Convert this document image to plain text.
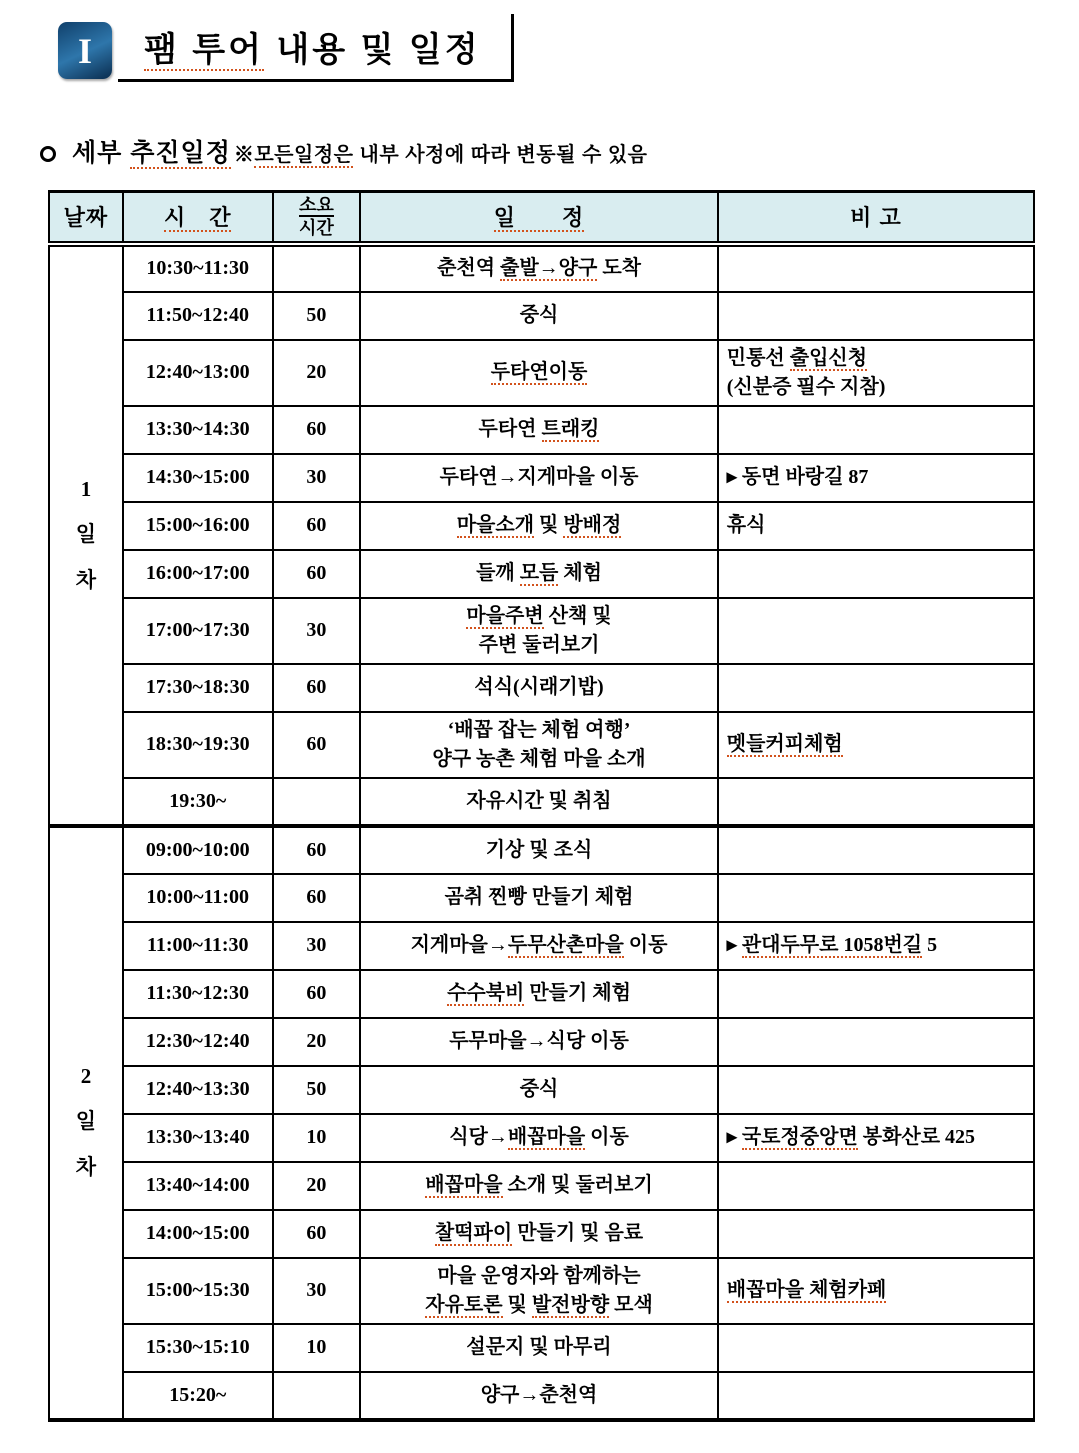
I 팸 투어 내용 및 일정
세부 추진일정 ※모든일정은 내부 사정에 따라 변동될 수 있음
날짜	시　간	소요
시간	일　　정	비 고

1
일
차	10:30~11:30		춘천역 출발→양구 도착	

	11:50~12:40	50	중식	

	12:40~13:00	20	두타연이동	민통선 출입신청
(신분증 필수 지참)

	13:30~14:30	60	두타연 트래킹	

	14:30~15:00	30	두타연→지게마을 이동	▸ 동면 바랑길 87

	15:00~16:00	60	마을소개 및 방배정	휴식

	16:00~17:00	60	들깨 모듬 체험	

	17:00~17:30	30	마을주변 산책 및
주변 둘러보기	

	17:30~18:30	60	석식(시래기밥)	

	18:30~19:30	60	‘배꼽 잡는 체험 여행’
양구 농촌 체험 마을 소개	멧들커피체험

	19:30~		자유시간 및 취침	

2
일
차	09:00~10:00	60	기상 및 조식	

	10:00~11:00	60	곰취 찐빵 만들기 체험	

	11:00~11:30	30	지게마을→두무산촌마을 이동	▸ 관대두무로 1058번길 5

	11:30~12:30	60	수수북비 만들기 체험	

	12:30~12:40	20	두무마을→식당 이동	

	12:40~13:30	50	중식	

	13:30~13:40	10	식당→배꼽마을 이동	▸ 국토정중앙면 봉화산로 425

	13:40~14:00	20	배꼽마을 소개 및 둘러보기	

	14:00~15:00	60	찰떡파이 만들기 및 음료	

	15:00~15:30	30	마을 운영자와 함께하는
자유토론 및 발전방향 모색	배꼽마을 체험카페

	15:30~15:10	10	설문지 및 마무리	

	15:20~		양구→춘천역	
